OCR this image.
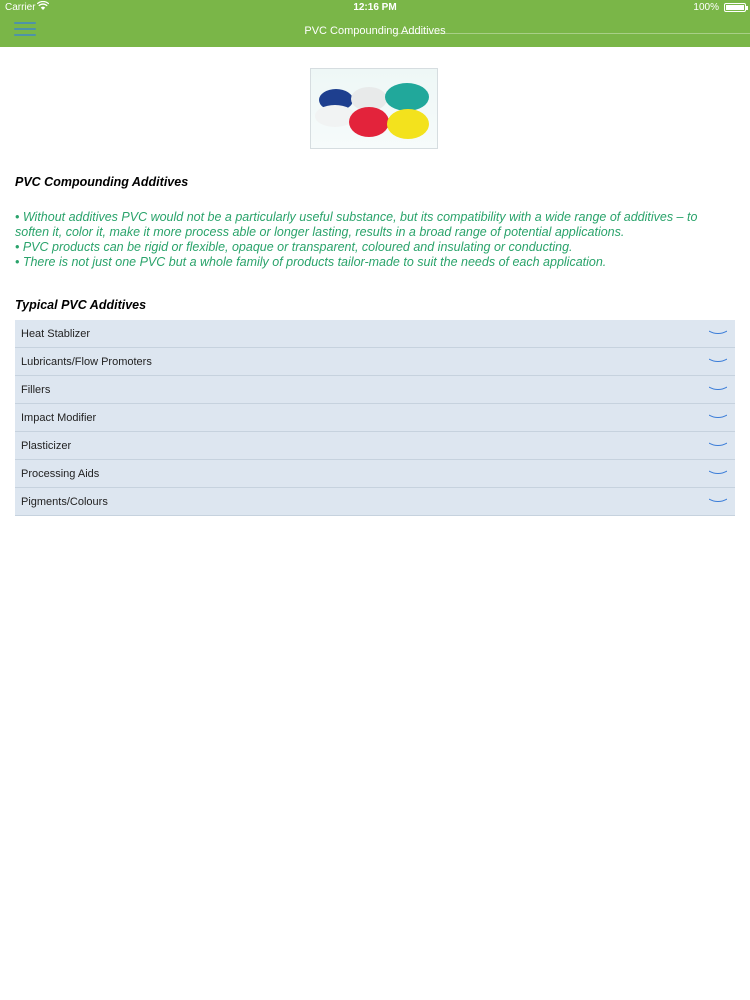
Carrier	12:16 PM	100%
PVC Compounding Additives
PVC Compounding Additives
• Without additives PVC would not be a particularly useful substance, but its compatibility with a wide range of additives – to
soften it, color it, make it more process able or longer lasting, results in a broad range of potential applications.
• PVC products can be rigid or flexible, opaque or transparent, coloured and insulating or conducting.
• There is not just one PVC but a whole family of products tailor-made to suit the needs of each application.
Typical PVC Additives
Heat Stablizer
Lubricants/Flow Promoters
Fillers
Impact Modifier
Plasticizer
Processing Aids
Pigments/Colours
